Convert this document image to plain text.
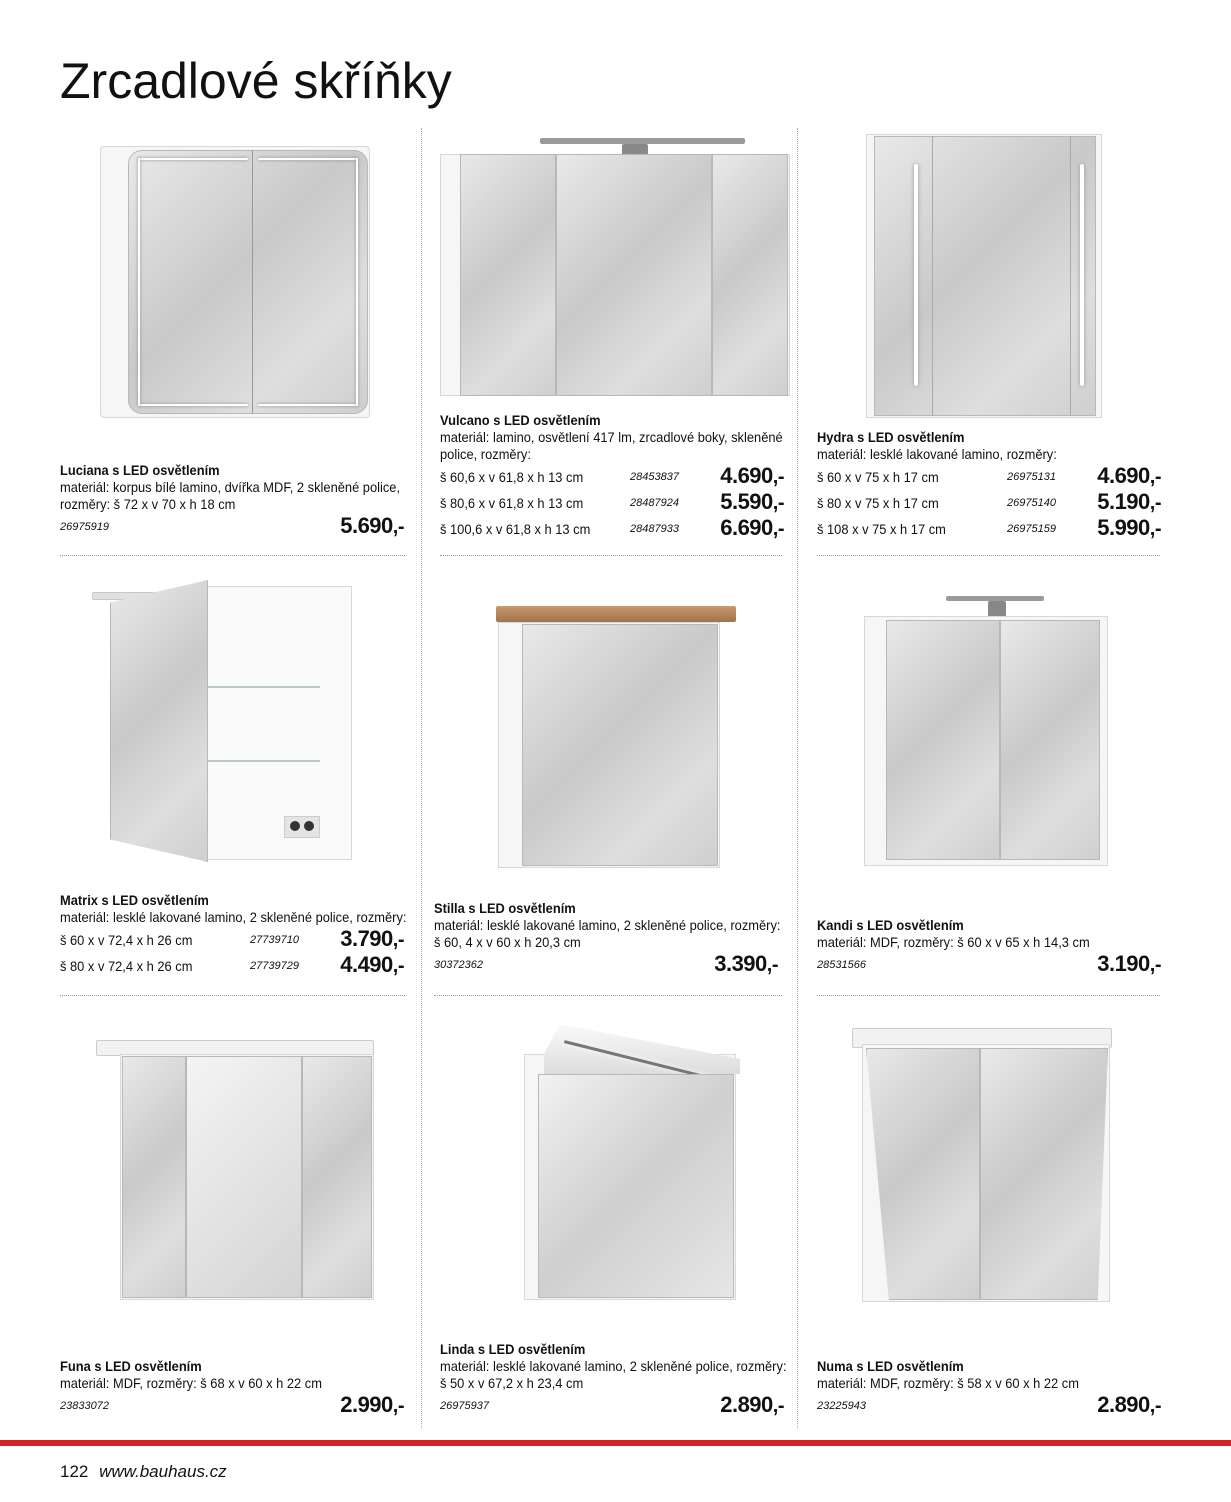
Zrcadlové skříňky
Luciana s LED osvětlením
materiál: korpus bílé lamino, dvířka MDF, 2 skleněné police, rozměry: š 72 x v 70 x h 18 cm
26975919	5.690,-
Vulcano s LED osvětlením
materiál: lamino, osvětlení 417 lm, zrcadlové boky, skleněné police, rozměry:
š 60,6 x v 61,8 x h 13 cm	28453837 4.690,-
š 80,6 x v 61,8 x h 13 cm	28487924 5.590,-
š 100,6 x v 61,8 x h 13 cm	28487933 6.690,-
Hydra s LED osvětlením
materiál: lesklé lakované lamino, rozměry:
š 60 x v 75 x h 17 cm	26975131 4.690,-
š 80 x v 75 x h 17 cm	26975140 5.190,-
š 108 x v 75 x h 17 cm	26975159 5.990,-
Matrix s LED osvětlením
materiál: lesklé lakované lamino, 2 skleněné police, rozměry:
š 60 x v 72,4 x h 26 cm	27739710 3.790,-
š 80 x v 72,4 x h 26 cm	27739729 4.490,-
Stilla s LED osvětlením
materiál: lesklé lakované lamino, 2 skleněné police, rozměry: š 60, 4 x v 60 x h 20,3 cm
30372362	3.390,-
Kandi s LED osvětlením
materiál: MDF, rozměry: š 60 x v 65 x h 14,3 cm
28531566	3.190,-
Funa s LED osvětlením
materiál: MDF, rozměry: š 68 x v 60 x h 22 cm
23833072	2.990,-
Linda s LED osvětlením
materiál: lesklé lakované lamino, 2 skleněné police, rozměry: š 50 x v 67,2 x h 23,4 cm
26975937	2.890,-
Numa s LED osvětlením
materiál: MDF, rozměry: š 58 x v 60 x h 22 cm
23225943	2.890,-
122 www.bauhaus.cz
